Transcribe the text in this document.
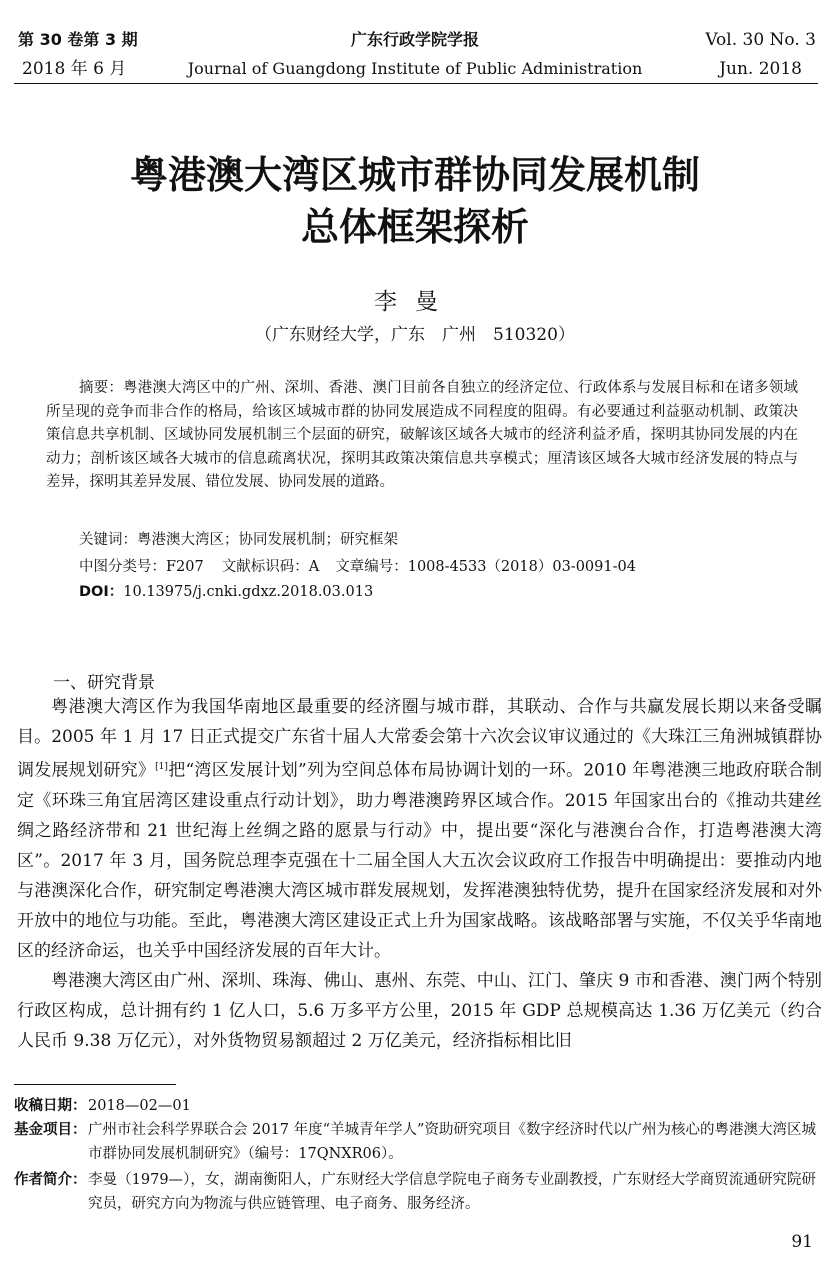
第 30 卷第 3 期
2018 年 6 月
广东行政学院学报
Journal of Guangdong Institute of Public Administration
Vol. 30 No. 3
Jun. 2018
粤港澳大湾区城市群协同发展机制
总体框架探析
李曼
（广东财经大学，广东　广州　510320）

摘要：粤港澳大湾区中的广州、深圳、香港、澳门目前各自独立的经济定位、行政体系与发展目标和在诸多领域所呈现的竞争而非合作的格局，给该区域城市群的协同发展造成不同程度的阻碍。有必要通过利益驱动机制、政策决策信息共享机制、区域协同发展机制三个层面的研究，破解该区域各大城市的经济利益矛盾，探明其协同发展的内在动力；剖析该区域各大城市的信息疏离状况，探明其政策决策信息共享模式；厘清该区域各大城市经济发展的特点与差异，探明其差异发展、错位发展、协同发展的道路。

关键词：粤港澳大湾区；协同发展机制；研究框架
中图分类号：F207 文献标识码：A 文章编号：1008-4533（2018）03-0091-04
DOI：10.13975/j.cnki.gdxz.2018.03.013
一、研究背景

粤港澳大湾区作为我国华南地区最重要的经济圈与城市群，其联动、合作与共赢发展长期以来备受瞩目。2005 年 1 月 17 日正式提交广东省十届人大常委会第十六次会议审议通过的《大珠江三角洲城镇群协调发展规划研究》[1]把“湾区发展计划”列为空间总体布局协调计划的一环。2010 年粤港澳三地政府联合制定《环珠三角宜居湾区建设重点行动计划》，助力粤港澳跨界区域合作。2015 年国家出台的《推动共建丝绸之路经济带和 21 世纪海上丝绸之路的愿景与行动》中，提出要“深化与港澳台合作，打造粤港澳大湾区”。2017 年 3 月，国务院总理李克强在十二届全国人大五次会议政府工作报告中明确提出：要推动内地与港澳深化合作，研究制定粤港澳大湾区城市群发展规划，发挥港澳独特优势，提升在国家经济发展和对外开放中的地位与功能。至此，粤港澳大湾区建设正式上升为国家战略。该战略部署与实施，不仅关乎华南地区的经济命运，也关乎中国经济发展的百年大计。

粤港澳大湾区由广州、深圳、珠海、佛山、惠州、东莞、中山、江门、肇庆 9 市和香港、澳门两个特别行政区构成，总计拥有约 1 亿人口，5.6 万多平方公里，2015 年 GDP 总规模高达 1.36 万亿美元（约合人民币 9.38 万亿元），对外货物贸易额超过 2 万亿美元，经济指标相比旧

收稿日期： 2018—02—01
基金项目： 广州市社会科学界联合会 2017 年度“羊城青年学人”资助研究项目《数字经济时代以广州为核心的粤港澳大湾区城市群协同发展机制研究》（编号：17QNXR06）。
作者简介： 李曼（1979—），女，湖南衡阳人，广东财经大学信息学院电子商务专业副教授，广东财经大学商贸流通研究院研究员，研究方向为物流与供应链管理、电子商务、服务经济。
91
